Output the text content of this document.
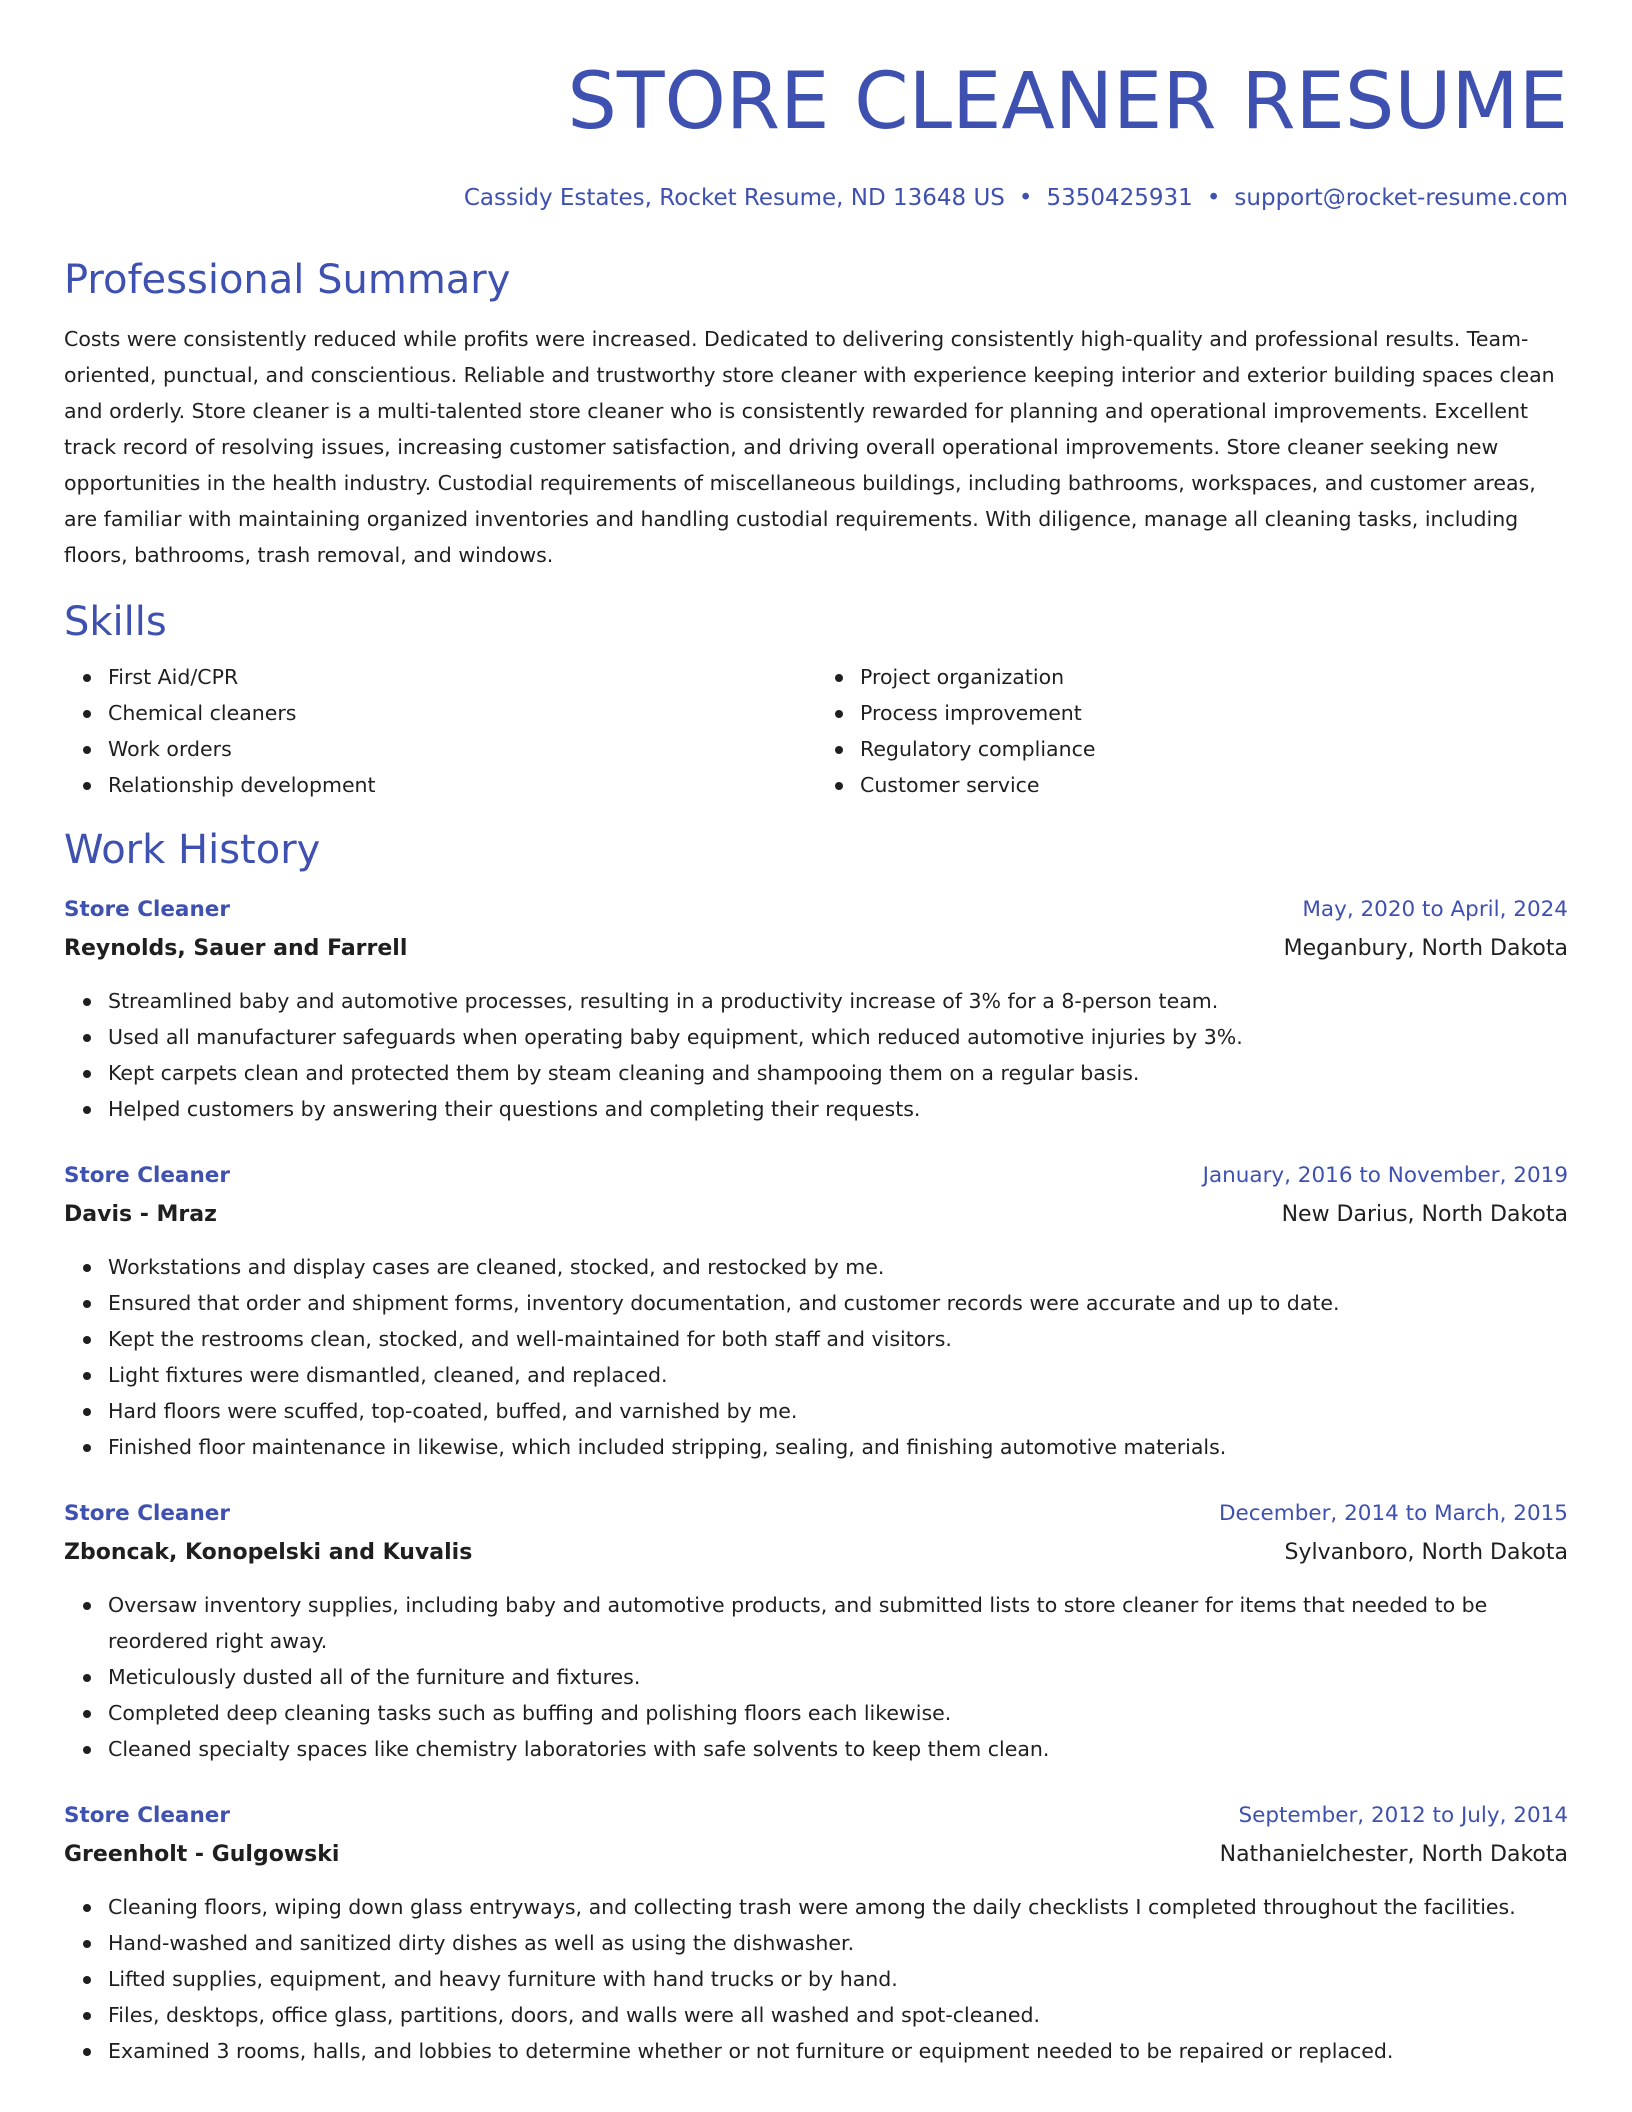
STORE CLEANER RESUME
Cassidy Estates, Rocket Resume, ND 13648 US • 5350425931 • support@rocket-resume.com
Professional Summary

Costs were consistently reduced while profits were increased. Dedicated to delivering consistently high-quality and professional results. Team-oriented, punctual, and conscientious. Reliable and trustworthy store cleaner with experience keeping interior and exterior building spaces clean and orderly. Store cleaner is a multi-talented store cleaner who is consistently rewarded for planning and operational improvements. Excellent track record of resolving issues, increasing customer satisfaction, and driving overall operational improvements. Store cleaner seeking new opportunities in the health industry. Custodial requirements of miscellaneous buildings, including bathrooms, workspaces, and customer areas, are familiar with maintaining organized inventories and handling custodial requirements. With diligence, manage all cleaning tasks, including floors, bathrooms, trash removal, and windows.

Skills
First Aid/CPR
Chemical cleaners
Work orders
Relationship development
Project organization
Process improvement
Regulatory compliance
Customer service
Work History
Store Cleaner	May, 2020 to April, 2024
Reynolds, Sauer and Farrell	Meganbury, North Dakota
Streamlined baby and automotive processes, resulting in a productivity increase of 3% for a 8-person team.
Used all manufacturer safeguards when operating baby equipment, which reduced automotive injuries by 3%.
Kept carpets clean and protected them by steam cleaning and shampooing them on a regular basis.
Helped customers by answering their questions and completing their requests.
Store Cleaner	January, 2016 to November, 2019
Davis - Mraz	New Darius, North Dakota
Workstations and display cases are cleaned, stocked, and restocked by me.
Ensured that order and shipment forms, inventory documentation, and customer records were accurate and up to date.
Kept the restrooms clean, stocked, and well-maintained for both staff and visitors.
Light fixtures were dismantled, cleaned, and replaced.
Hard floors were scuffed, top-coated, buffed, and varnished by me.
Finished floor maintenance in likewise, which included stripping, sealing, and finishing automotive materials.
Store Cleaner	December, 2014 to March, 2015
Zboncak, Konopelski and Kuvalis	Sylvanboro, North Dakota
Oversaw inventory supplies, including baby and automotive products, and submitted lists to store cleaner for items that needed to be reordered right away.
Meticulously dusted all of the furniture and fixtures.
Completed deep cleaning tasks such as buffing and polishing floors each likewise.
Cleaned specialty spaces like chemistry laboratories with safe solvents to keep them clean.
Store Cleaner	September, 2012 to July, 2014
Greenholt - Gulgowski	Nathanielchester, North Dakota
Cleaning floors, wiping down glass entryways, and collecting trash were among the daily checklists I completed throughout the facilities.
Hand-washed and sanitized dirty dishes as well as using the dishwasher.
Lifted supplies, equipment, and heavy furniture with hand trucks or by hand.
Files, desktops, office glass, partitions, doors, and walls were all washed and spot-cleaned.
Examined 3 rooms, halls, and lobbies to determine whether or not furniture or equipment needed to be repaired or replaced.
